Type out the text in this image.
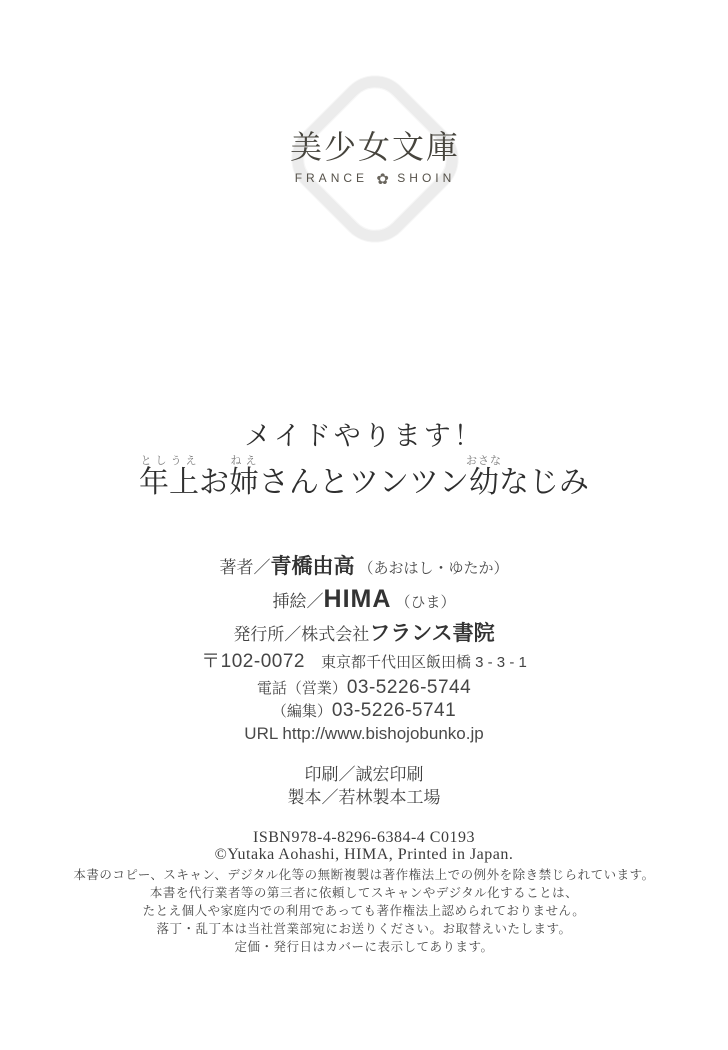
美少女文庫
FRANCE ✿ SHOIN
メイドやります！
年上としうえお姉ねえさんとツンツン幼おさななじみ
著者／青橋由高 （あおはし・ゆたか）
挿絵／HIMA （ひま）
発行所／株式会社フランス書院
〒102-0072 東京都千代田区飯田橋 3 - 3 - 1
電話（営業）03-5226-5744
（編集）03-5226-5741
URL http://www.bishojobunko.jp
印刷／誠宏印刷
製本／若林製本工場
ISBN978-4-8296-6384-4 C0193
©Yutaka Aohashi, HIMA, Printed in Japan.
本書のコピー、スキャン、デジタル化等の無断複製は著作権法上での例外を除き禁じられています。
本書を代行業者等の第三者に依頼してスキャンやデジタル化することは、
たとえ個人や家庭内での利用であっても著作権法上認められておりません。
落丁・乱丁本は当社営業部宛にお送りください。お取替えいたします。
定価・発行日はカバーに表示してあります。
